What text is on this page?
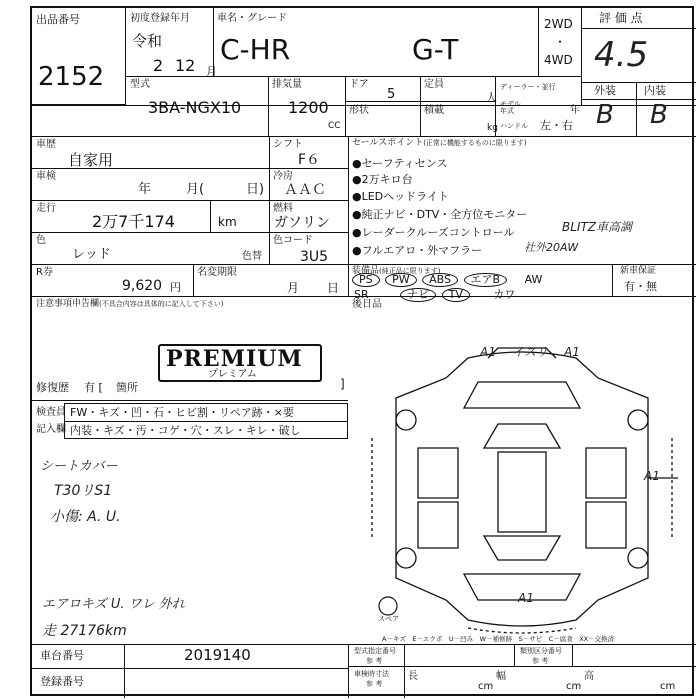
出品番号
2152
初度登録年月
令和
2 12 月
車名・グレード
C-HR	G-T
2WD
・
4WD
評 価 点
4.5
型式
3BA-NGX10
排気量
1200
CC
ドア
5
形状
定員
人
積載
kg
ディーラー・並行
モデル年式	年
ハンドル 左・右
外装	内装
B B
車歴
自家用
シフト
F６
車検
年	月(	日)
冷房
ＡＡＣ
走行
2万7千174	km
燃料
ガソリン
色
レッド	色替
色コード
3U5
R券
9,620 円
名変期限
月 日
セールスポイント(正常に機能するものに限ります)
●セーフティセンス
●2万キロ台
●LEDヘッドライト
●純正ナビ・DTV・全方位モニター
●レーダークルーズコントロール
●フルエアロ・外マフラー
BLITZ車高調
社外20AW
装備品(純正品に限ります)	新車保証
有・無
PS PW ABS エアB AW
SR	ナビ TV	カワ
注意事項申告欄(不具合内容は具体的に記入して下さい)
PREMIUM
プレミアム
修復歴 有 [ 箇所	]
検査員
記入欄
FW・キズ・凹・石・ヒビ割・リペア跡・×要
内装・キズ・汚・コゲ・穴・スレ・キレ・破し
シートカバー
T30リS1
小傷: A. U.
エアロキズ U. ワレ 外れ
走 27176km
後日品
A1 イスリ A1
A1
A1
スペア
A－キズ　E－エクボ　U－凹み　W－補修跡　S－サビ　C－腐食　XX－交換済
車台番号	2019140
登録番号
型式指定番号
参 考
類別区分番号
参 考
車検時寸法
参 考
長
cm
幅
cm
高
cm
